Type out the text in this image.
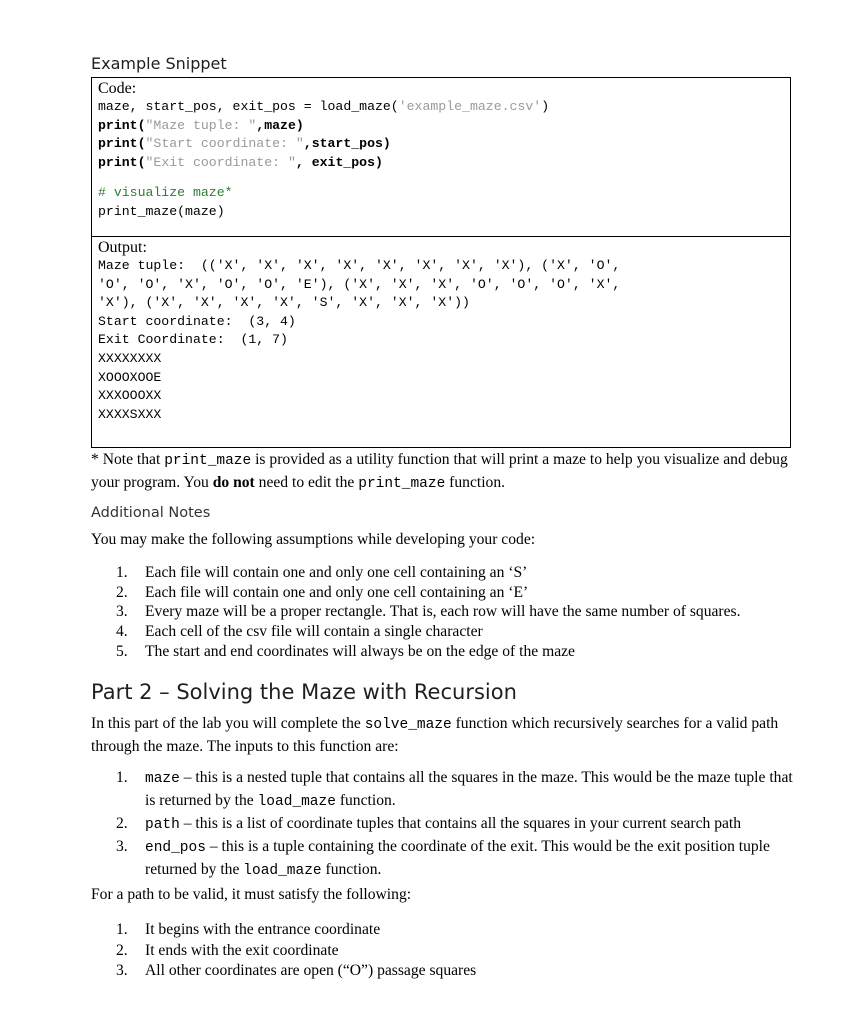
Example Snippet
Code:
maze, start_pos, exit_pos = load_maze('example_maze.csv')
print("Maze tuple: ",maze)
print("Start coordinate: ",start_pos)
print("Exit coordinate: ", exit_pos)
# visualize maze*
print_maze(maze)
Output:
Maze tuple:  (('X', 'X', 'X', 'X', 'X', 'X', 'X', 'X'), ('X', 'O',
'O', 'O', 'X', 'O', 'O', 'E'), ('X', 'X', 'X', 'O', 'O', 'O', 'X',
'X'), ('X', 'X', 'X', 'X', 'S', 'X', 'X', 'X'))
Start coordinate:  (3, 4)
Exit Coordinate:  (1, 7)
XXXXXXXX
XOOOXOOE
XXXOOOXX
XXXXSXXX
* Note that print_maze is provided as a utility function that will print a maze to help you visualize and debug your program. You do not need to edit the print_maze function.
Additional Notes
You may make the following assumptions while developing your code:
1. Each file will contain one and only one cell containing an ‘S’
2. Each file will contain one and only one cell containing an ‘E’
3. Every maze will be a proper rectangle. That is, each row will have the same number of squares.
4. Each cell of the csv file will contain a single character
5. The start and end coordinates will always be on the edge of the maze
Part 2 – Solving the Maze with Recursion
In this part of the lab you will complete the solve_maze function which recursively searches for a valid path through the maze. The inputs to this function are:
1. maze – this is a nested tuple that contains all the squares in the maze. This would be the maze tuple that is returned by the load_maze function.
2. path – this is a list of coordinate tuples that contains all the squares in your current search path
3. end_pos – this is a tuple containing the coordinate of the exit. This would be the exit position tuple returned by the load_maze function.
For a path to be valid, it must satisfy the following:
1. It begins with the entrance coordinate
2. It ends with the exit coordinate
3. All other coordinates are open (“O”) passage squares
